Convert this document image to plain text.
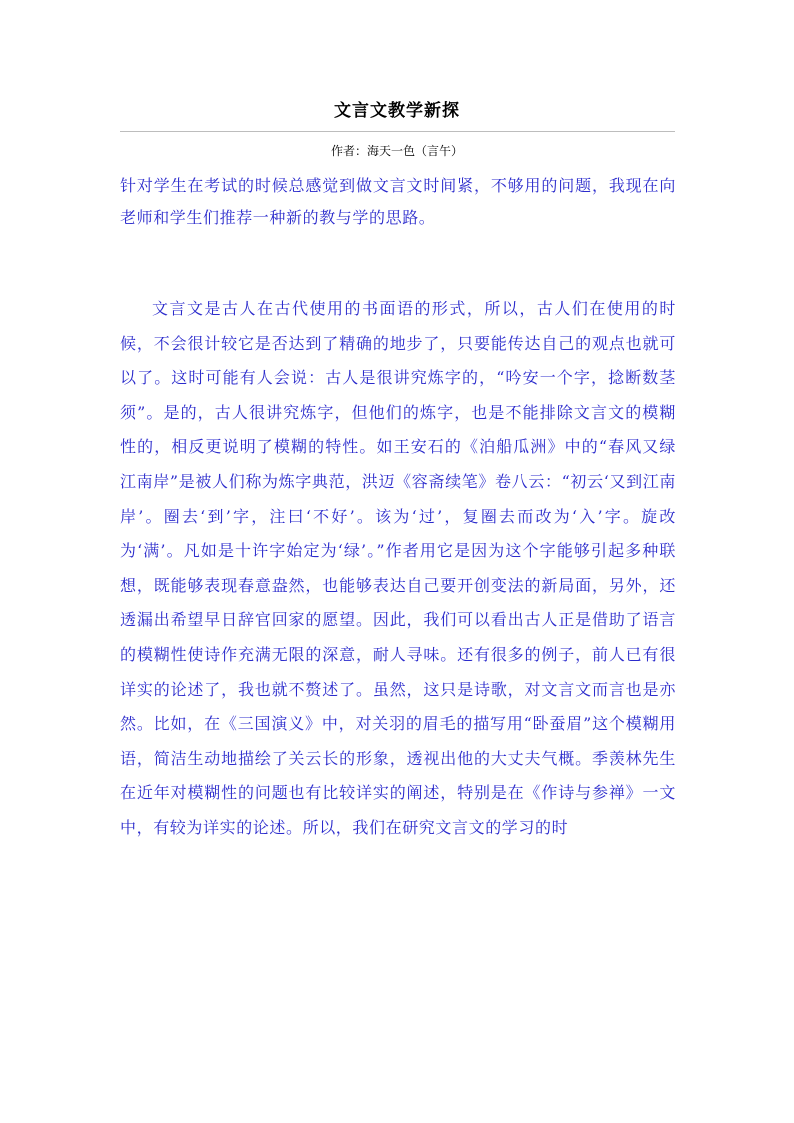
文言文教学新探
作者：海天一色（言午）
针对学生在考试的时候总感觉到做文言文时间紧，不够用的问题，我现在向老师和学生们推荐一种新的教与学的思路。
文言文是古人在古代使用的书面语的形式，所以，古人们在使用的时候，不会很计较它是否达到了精确的地步了，只要能传达自己的观点也就可以了。这时可能有人会说：古人是很讲究炼字的，“吟安一个字，捻断数茎须”。是的，古人很讲究炼字，但他们的炼字，也是不能排除文言文的模糊性的，相反更说明了模糊的特性。如王安石的《泊船瓜洲》中的“春风又绿江南岸”是被人们称为炼字典范，洪迈《容斋续笔》卷八云：“初云‘又到江南岸’。圈去‘到’字，注曰‘不好’。该为‘过’，复圈去而改为‘入’字。旋改为‘满’。凡如是十许字始定为‘绿’。”作者用它是因为这个字能够引起多种联想，既能够表现春意盎然，也能够表达自己要开创变法的新局面，另外，还透漏出希望早日辞官回家的愿望。因此，我们可以看出古人正是借助了语言的模糊性使诗作充满无限的深意，耐人寻味。还有很多的例子，前人已有很详实的论述了，我也就不赘述了。虽然，这只是诗歌，对文言文而言也是亦然。比如，在《三国演义》中，对关羽的眉毛的描写用“卧蚕眉”这个模糊用语，简洁生动地描绘了关云长的形象，透视出他的大丈夫气概。季羡林先生在近年对模糊性的问题也有比较详实的阐述，特别是在《作诗与参禅》一文中，有较为详实的论述。所以，我们在研究文言文的学习的时
